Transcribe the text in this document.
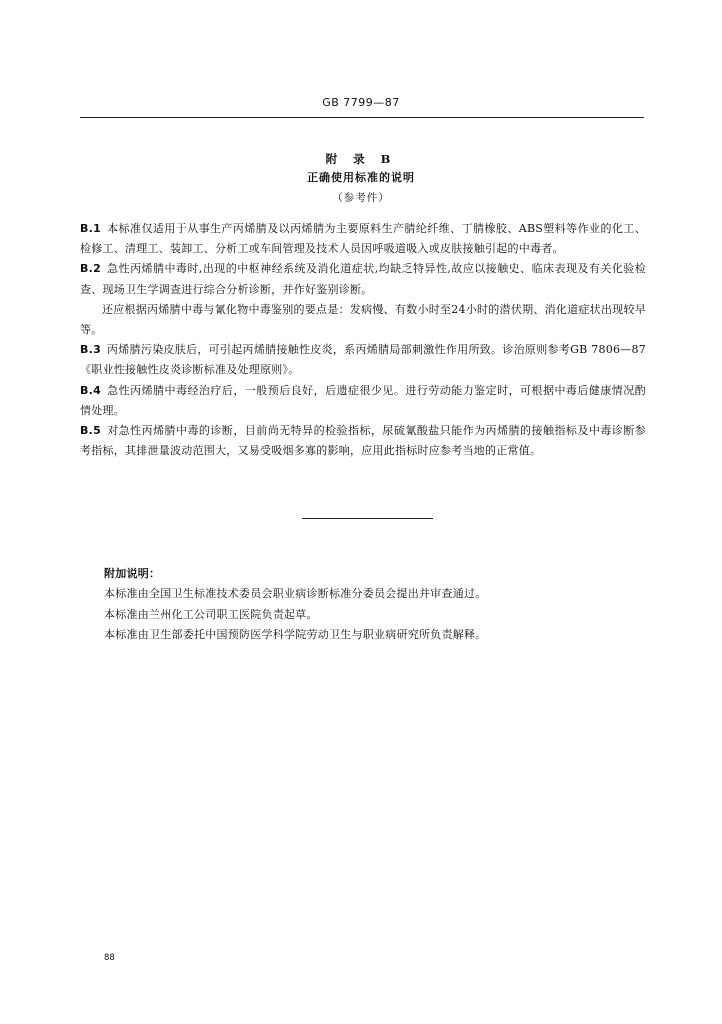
GB 7799—87
附 录 B
正确使用标准的说明
（参考件）

B.1 本标准仅适用于从事生产丙烯腈及以丙烯腈为主要原料生产腈纶纤维、丁腈橡胶、ABS塑料等作业的化工、检修工、清理工、装卸工、分析工或车间管理及技术人员因呼吸道吸入或皮肤接触引起的中毒者。

B.2 急性丙烯腈中毒时,出现的中枢神经系统及消化道症状,均缺乏特异性,故应以接触史、临床表现及有关化验检查、现场卫生学调查进行综合分析诊断，并作好鉴别诊断。

还应根据丙烯腈中毒与氰化物中毒鉴别的要点是：发病慢、有数小时至24小时的潜伏期、消化道症状出现较早等。

B.3 丙烯腈污染皮肤后，可引起丙烯腈接触性皮炎，系丙烯腈局部刺激性作用所致。诊治原则参考GB 7806—87《职业性接触性皮炎诊断标准及处理原则》。

B.4 急性丙烯腈中毒经治疗后，一般预后良好，后遗症很少见。进行劳动能力鉴定时，可根据中毒后健康情况酌情处理。

B.5 对急性丙烯腈中毒的诊断，目前尚无特异的检验指标，尿硫氰酸盐只能作为丙烯腈的接触指标及中毒诊断参考指标，其排泄量波动范围大，又易受吸烟多寡的影响，应用此指标时应参考当地的正常值。

附加说明：

本标准由全国卫生标准技术委员会职业病诊断标准分委员会提出并审查通过。

本标准由兰州化工公司职工医院负责起草。

本标准由卫生部委托中国预防医学科学院劳动卫生与职业病研究所负责解释。

88
